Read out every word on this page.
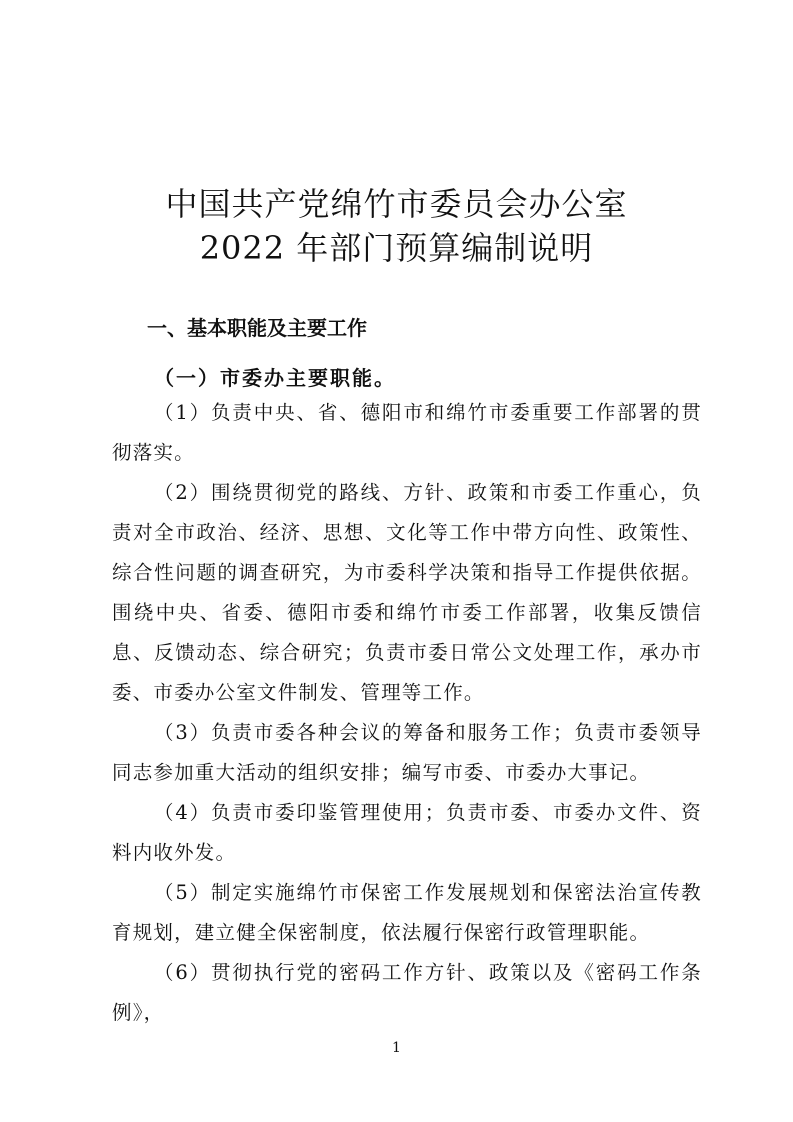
中国共产党绵竹市委员会办公室
2022 年部门预算编制说明
一、基本职能及主要工作
（一）市委办主要职能。

（1）负责中央、省、德阳市和绵竹市委重要工作部署的贯彻落实。

（2）围绕贯彻党的路线、方针、政策和市委工作重心，负责对全市政治、经济、思想、文化等工作中带方向性、政策性、综合性问题的调查研究，为市委科学决策和指导工作提供依据。围绕中央、省委、德阳市委和绵竹市委工作部署，收集反馈信息、反馈动态、综合研究；负责市委日常公文处理工作，承办市委、市委办公室文件制发、管理等工作。

（3）负责市委各种会议的筹备和服务工作；负责市委领导同志参加重大活动的组织安排；编写市委、市委办大事记。

（4）负责市委印鉴管理使用；负责市委、市委办文件、资料内收外发。

（5）制定实施绵竹市保密工作发展规划和保密法治宣传教育规划，建立健全保密制度，依法履行保密行政管理职能。

（6）贯彻执行党的密码工作方针、政策以及《密码工作条例》，

1
